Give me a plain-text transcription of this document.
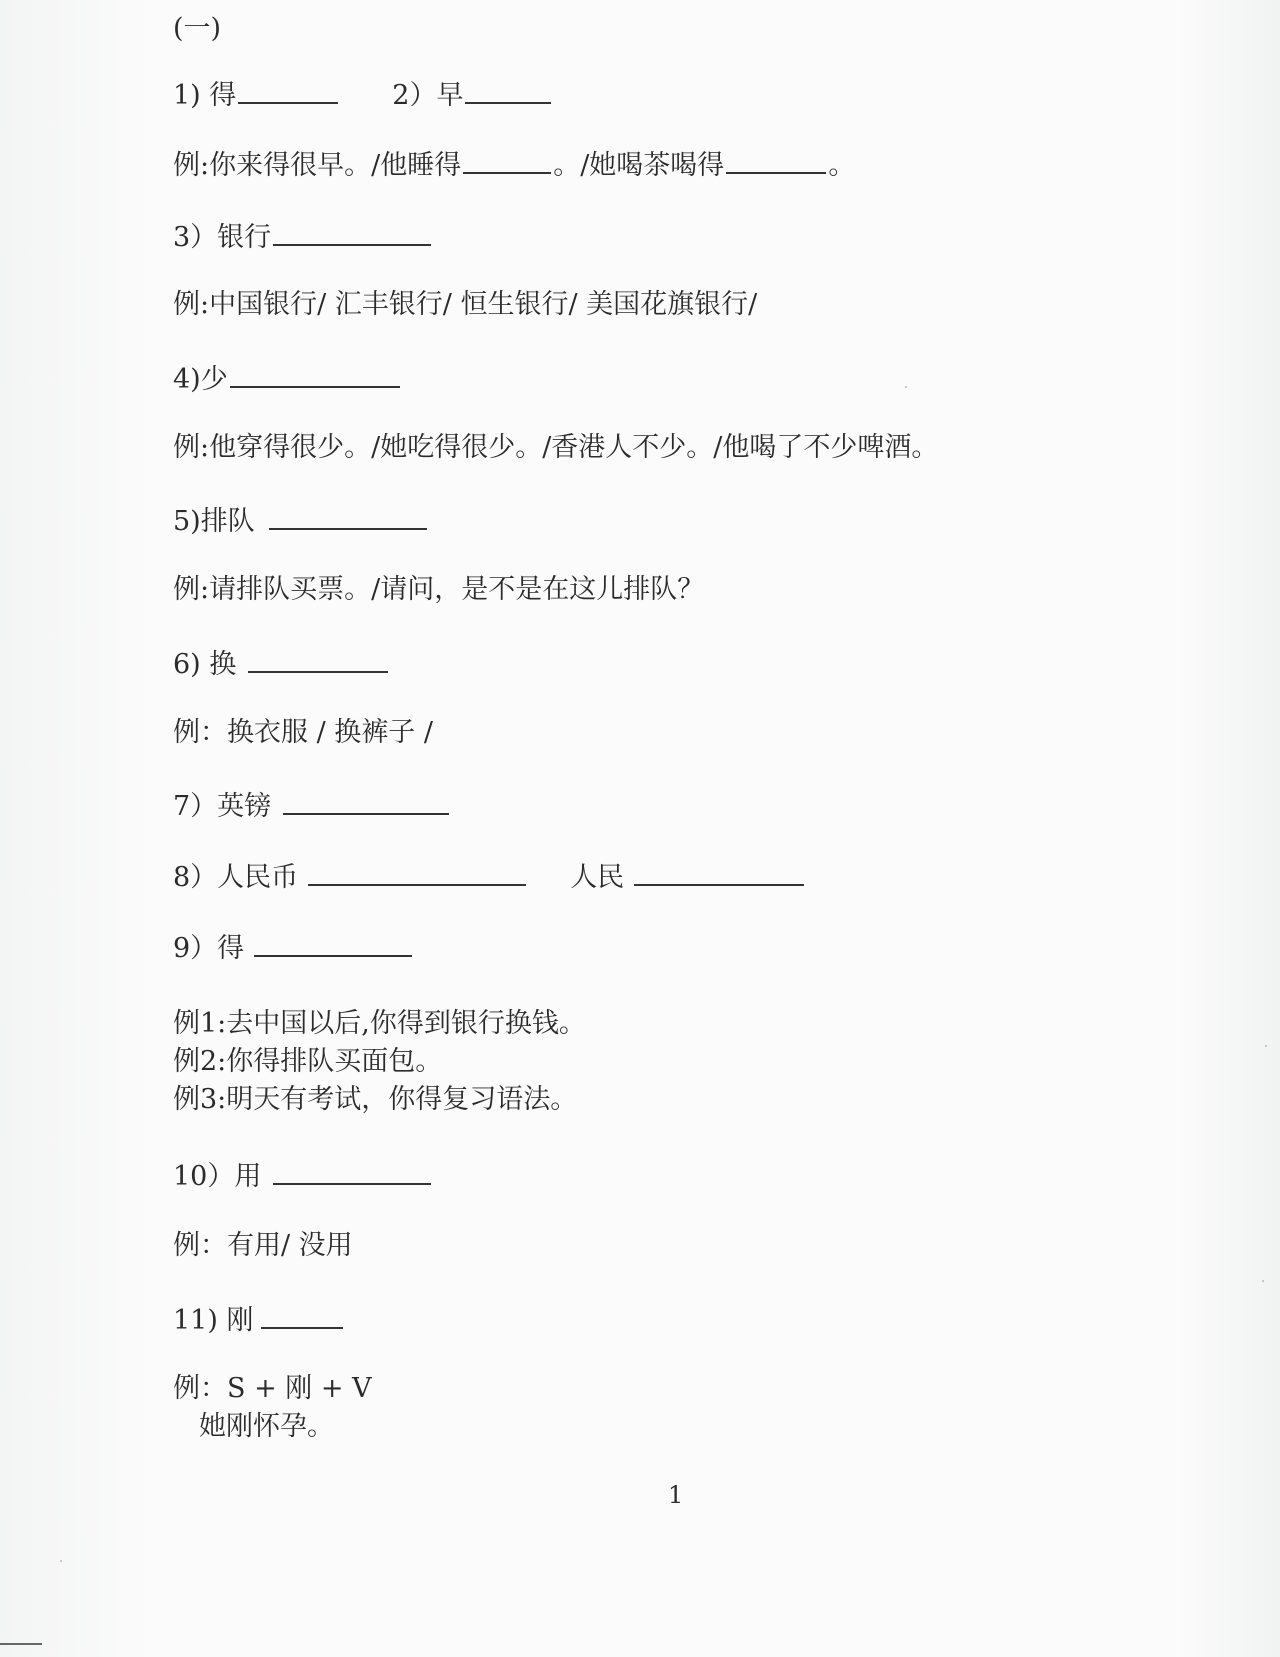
(一)
1) 得	2）早
例:你来得很早。/他睡得	。/她喝茶喝得	。
3）银行
例:中国银行/ 汇丰银行/ 恒生银行/ 美国花旗银行/
4)少
例:他穿得很少。/她吃得很少。/香港人不少。/他喝了不少啤酒。
5)排队
例:请排队买票。/请问，是不是在这儿排队？
6) 换
例：换衣服 / 换裤子 /
7）英镑
8）人民币	人民
9）得
例1:去中国以后,你得到银行换钱。
例2:你得排队买面包。
例3:明天有考试，你得复习语法。
10）用
例：有用/ 没用
11) 刚
例：S + 刚 + V
她刚怀孕。
1
